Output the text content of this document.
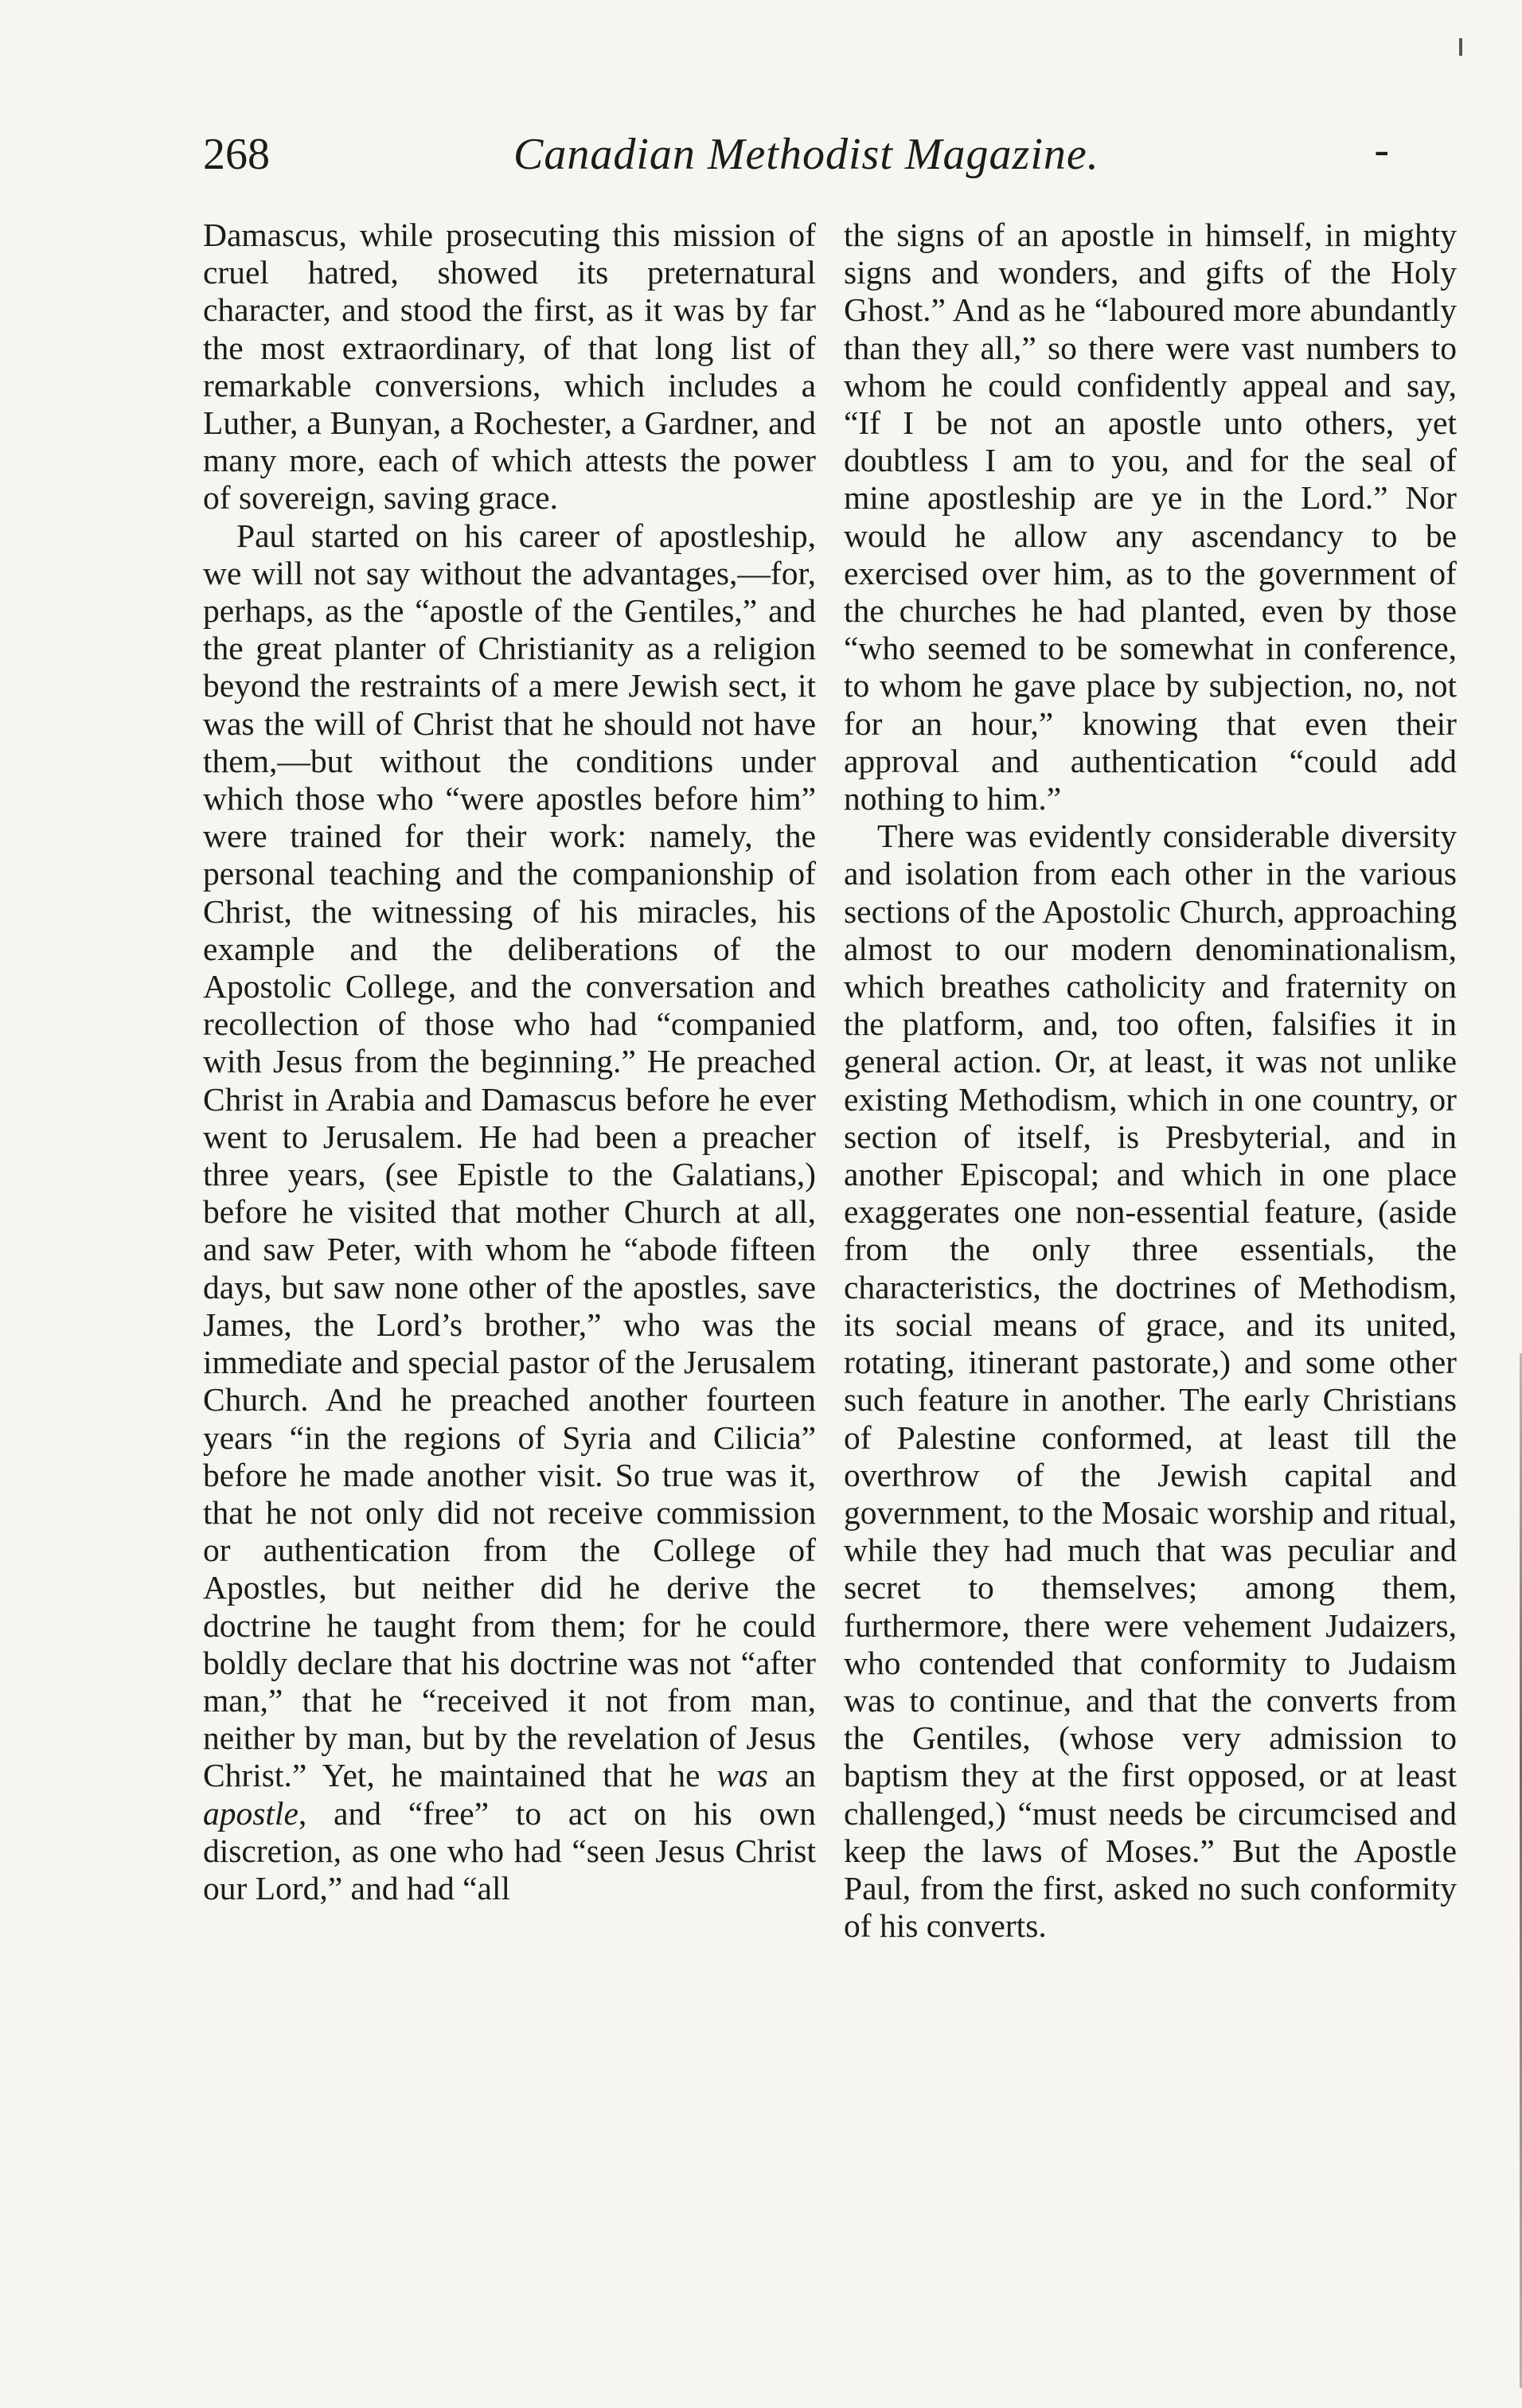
268	Canadian Methodist Magazine.	-

Damascus, while prosecuting this mission of cruel hatred, showed its preternatural character, and stood the first, as it was by far the most extraordinary, of that long list of remarkable conversions, which includes a Luther, a Bunyan, a Rochester, a Gardner, and many more, each of which attests the power of sovereign, saving grace.

Paul started on his career of apostleship, we will not say without the advantages,—for, perhaps, as the “apostle of the Gentiles,” and the great planter of Christianity as a religion beyond the restraints of a mere Jewish sect, it was the will of Christ that he should not have them,—but without the conditions under which those who “were apostles before him” were trained for their work: namely, the personal teaching and the companionship of Christ, the witnessing of his miracles, his example and the deliberations of the Apostolic College, and the conversation and recollection of those who had “companied with Jesus from the beginning.” He preached Christ in Arabia and Damascus before he ever went to Jerusalem. He had been a preacher three years, (see Epistle to the Galatians,) before he visited that mother Church at all, and saw Peter, with whom he “abode fifteen days, but saw none other of the apostles, save James, the Lord’s brother,” who was the immediate and special pastor of the Jerusalem Church. And he preached another fourteen years “in the regions of Syria and Cilicia” before he made another visit. So true was it, that he not only did not receive commission or authentication from the College of Apostles, but neither did he derive the doctrine he taught from them; for he could boldly declare that his doctrine was not “after man,” that he “received it not from man, neither by man, but by the revelation of Jesus Christ.” Yet, he maintained that he was an apostle, and “free” to act on his own discretion, as one who had “seen Jesus Christ our Lord,” and had “all

the signs of an apostle in himself, in mighty signs and wonders, and gifts of the Holy Ghost.” And as he “laboured more abundantly than they all,” so there were vast numbers to whom he could confidently appeal and say, “If I be not an apostle unto others, yet doubtless I am to you, and for the seal of mine apostleship are ye in the Lord.” Nor would he allow any ascendancy to be exercised over him, as to the government of the churches he had planted, even by those “who seemed to be somewhat in conference, to whom he gave place by subjection, no, not for an hour,” knowing that even their approval and authentication “could add nothing to him.”

There was evidently considerable diversity and isolation from each other in the various sections of the Apostolic Church, approaching almost to our modern denominationalism, which breathes catholicity and fraternity on the platform, and, too often, falsifies it in general action. Or, at least, it was not unlike existing Methodism, which in one country, or section of itself, is Presbyterial, and in another Episcopal; and which in one place exaggerates one non-essential feature, (aside from the only three essentials, the characteristics, the doctrines of Methodism, its social means of grace, and its united, rotating, itinerant pastorate,) and some other such feature in another. The early Christians of Palestine conformed, at least till the overthrow of the Jewish capital and government, to the Mosaic worship and ritual, while they had much that was peculiar and secret to themselves; among them, furthermore, there were vehement Judaizers, who contended that conformity to Judaism was to continue, and that the converts from the Gentiles, (whose very admission to baptism they at the first opposed, or at least challenged,) “must needs be circumcised and keep the laws of Moses.” But the Apostle Paul, from the first, asked no such conformity of his converts.
